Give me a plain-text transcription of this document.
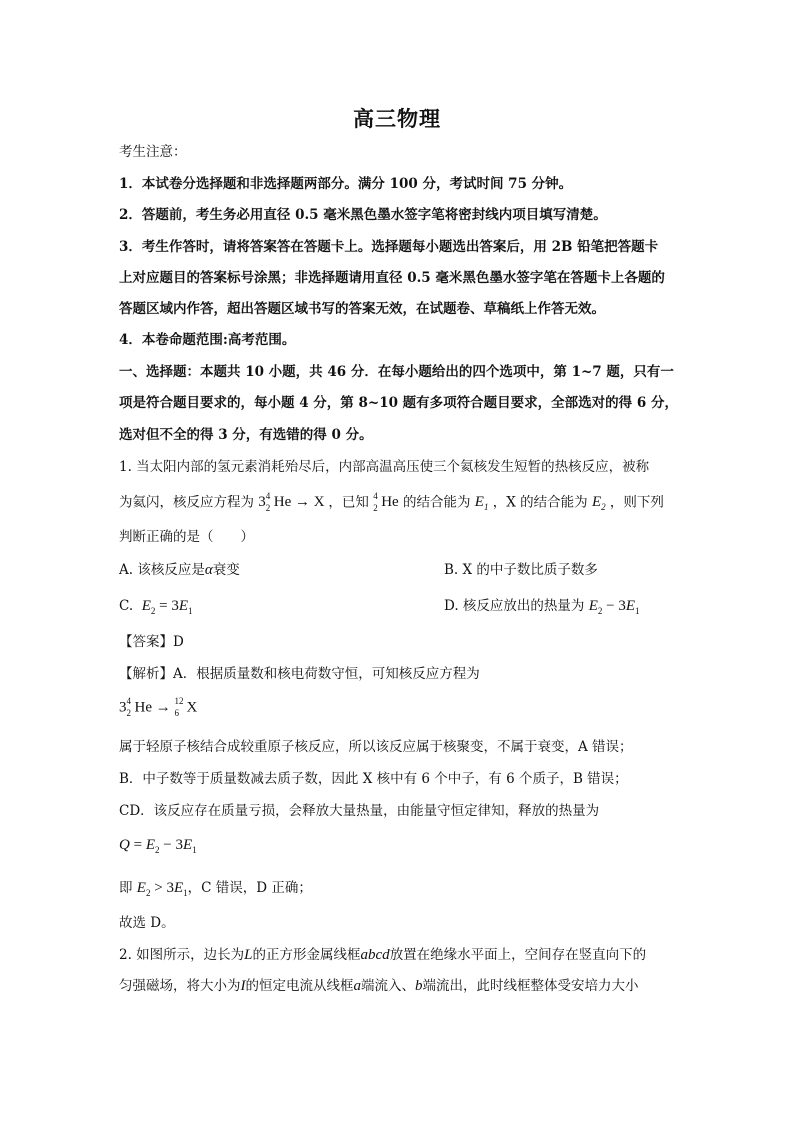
高三物理
考生注意：
1．本试卷分选择题和非选择题两部分。满分 100 分，考试时间 75 分钟。
2．答题前，考生务必用直径 0.5 毫米黑色墨水签字笔将密封线内项目填写清楚。
3．考生作答时，请将答案答在答题卡上。选择题每小题选出答案后，用 2B 铅笔把答题卡
上对应题目的答案标号涂黑；非选择题请用直径 0.5 毫米黑色墨水签字笔在答题卡上各题的
答题区域内作答，超出答题区域书写的答案无效，在试题卷、草稿纸上作答无效。
4．本卷命题范围:高考范围。
一、选择题：本题共 10 小题，共 46 分．在每小题给出的四个选项中，第 1~7 题，只有一
项是符合题目要求的，每小题 4 分，第 8~10 题有多项符合题目要求，全部选对的得 6 分，
选对但不全的得 3 分，有选错的得 0 分。
1. 当太阳内部的氢元素消耗殆尽后，内部高温高压使三个氦核发生短暂的热核反应，被称
为氦闪，核反应方程为 3 4
2 He → X ，已知 4
2 He 的结合能为 $E_1$ ，X 的结合能为 $E_2$ ，则下列
判断正确的是（　　）
A. 该核反应是α衰变	B. X 的中子数比质子数多
C. $E_2 = 3E_1$	D. 核反应放出的热量为 $E_2 - 3E_1$
【答案】D
【解析】A．根据质量数和核电荷数守恒，可知核反应方程为
3 4
2 He → 12
6 X
属于轻原子核结合成较重原子核反应，所以该反应属于核聚变，不属于衰变，A 错误；
B．中子数等于质量数减去质子数，因此 X 核中有 6 个中子，有 6 个质子，B 错误；
CD．该反应存在质量亏损，会释放大量热量，由能量守恒定律知，释放的热量为
$Q = E_2 - 3E_1$
即 $E_2 > 3E_1$，C 错误，D 正确；
故选 D。
2. 如图所示，边长为L的正方形金属线框abcd放置在绝缘水平面上，空间存在竖直向下的
匀强磁场，将大小为I的恒定电流从线框a端流入、b端流出，此时线框整体受安培力大小
